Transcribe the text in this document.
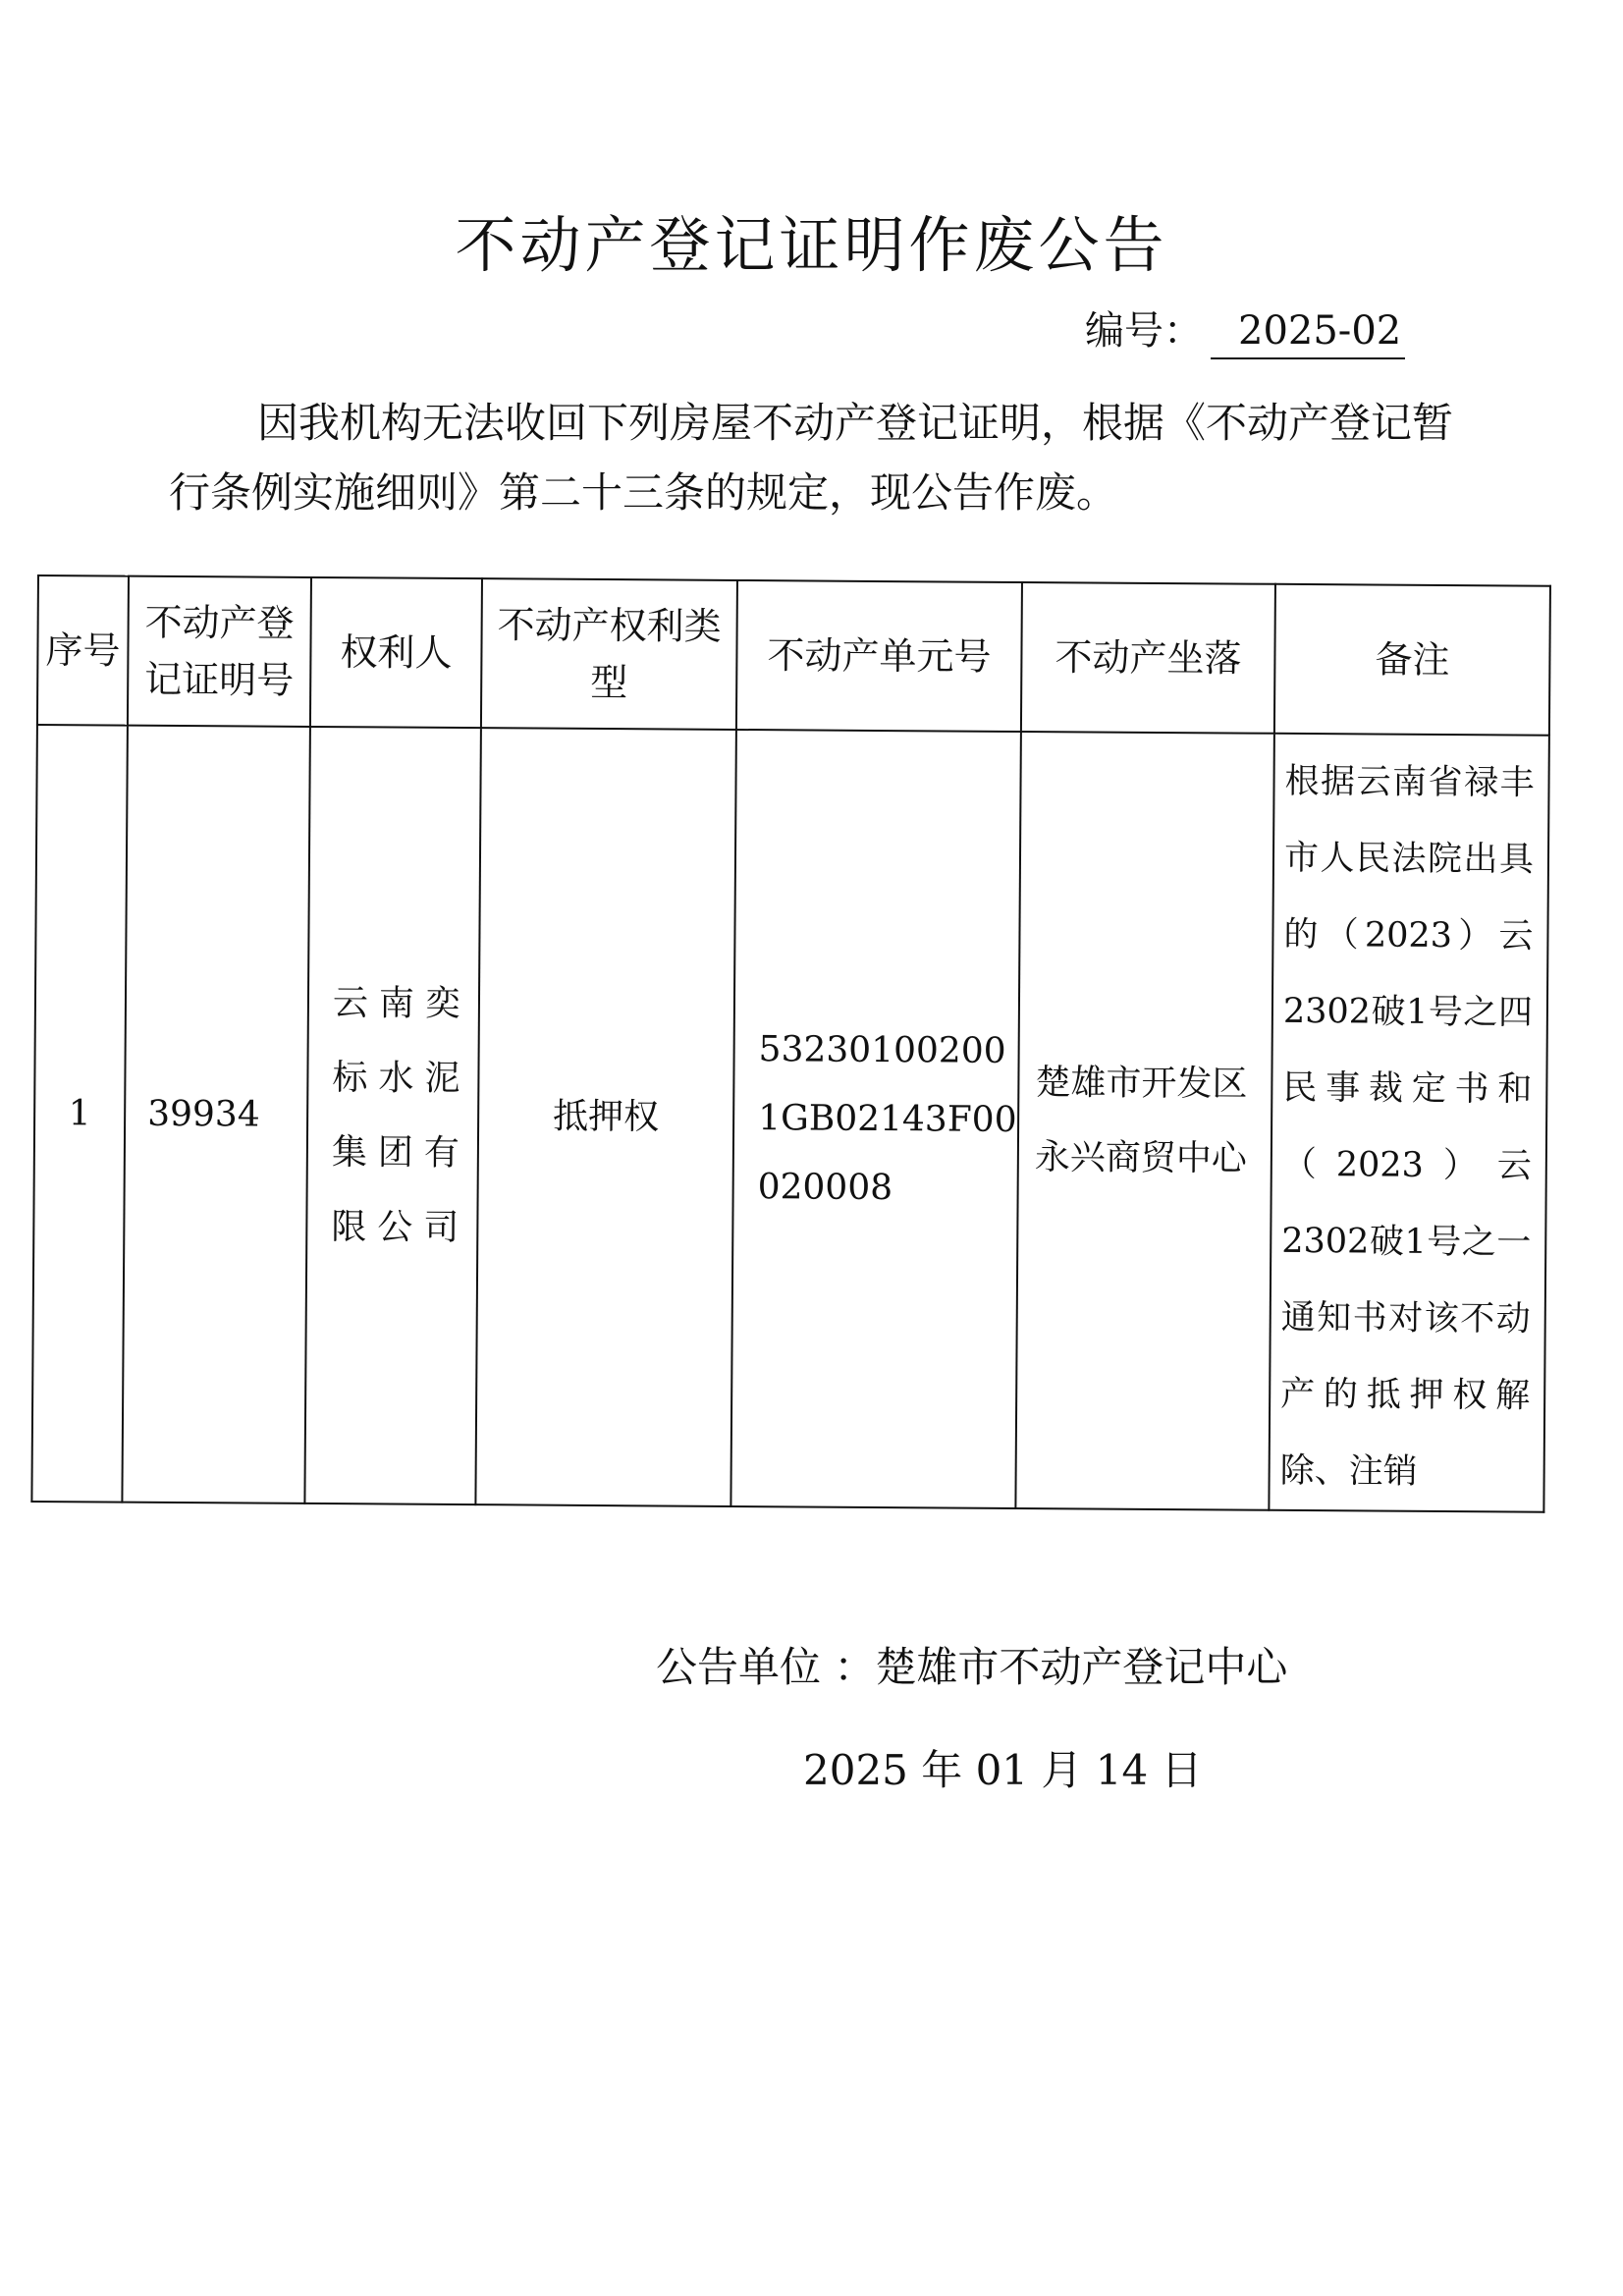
不动产登记证明作废公告
编号： 2025-02
因我机构无法收回下列房屋不动产登记证明，根据《不动产登记暂行条例实施细则》第二十三条的规定，现公告作废。
序号	不动产登记证明号	权利人	不动产权利类型	不动产单元号	不动产坐落	备注
1	39934	云南奕标水泥集团有限公司	抵押权	532301002001GB02143F00020008	楚雄市开发区永兴商贸中心	根据云南省禄丰市人民法院出具的（2023）云2302破1号之四民事裁定书和（2023）云2302破1号之一通知书对该不动产的抵押权解除、注销
公告单位 ：楚雄市不动产登记中心
2025 年 01 月 14 日
